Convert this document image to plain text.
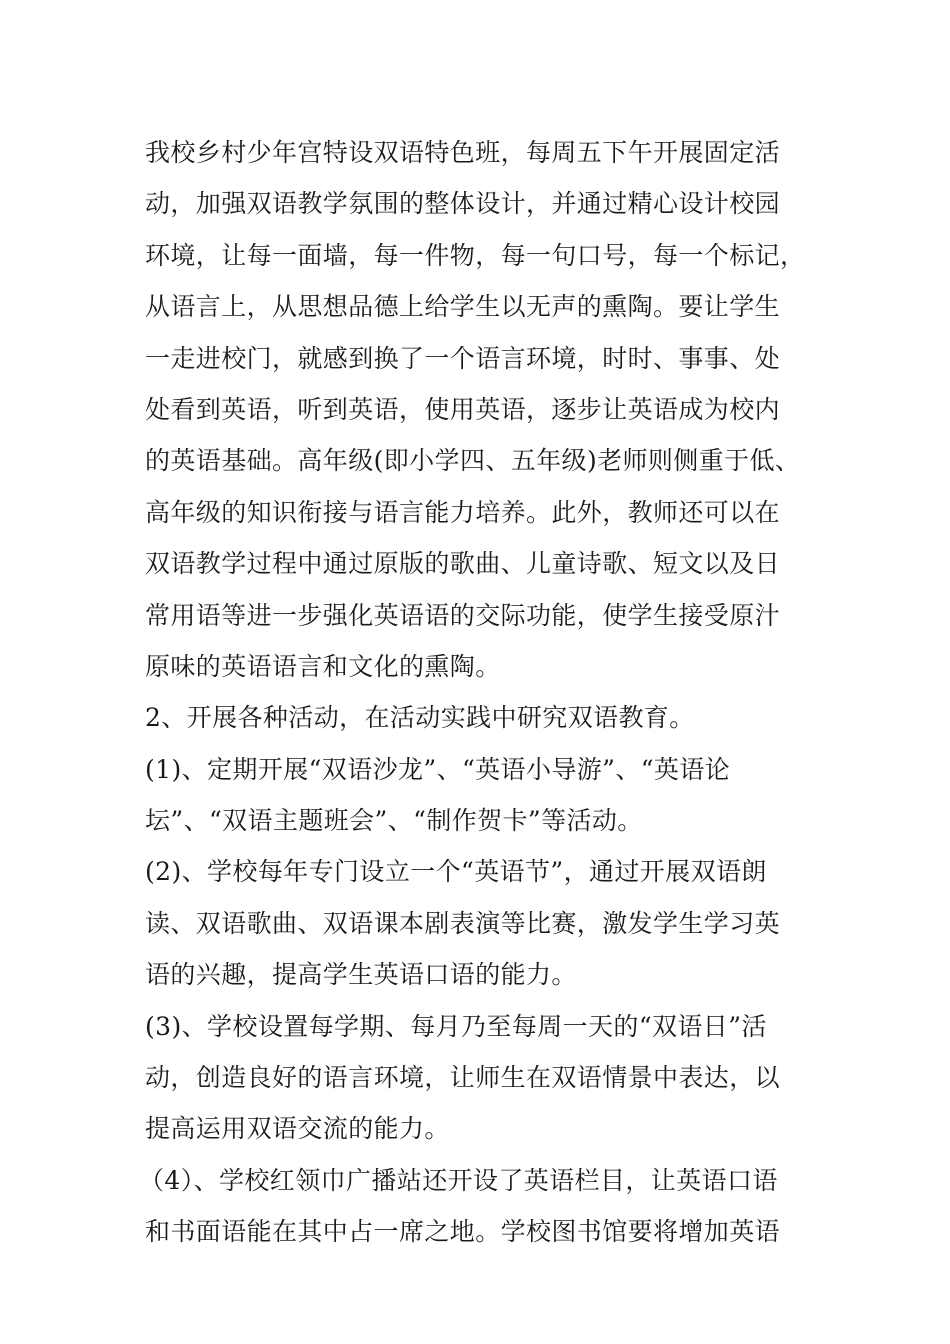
我校乡村少年宫特设双语特色班，每周五下午开展固定活
动，加强双语教学氛围的整体设计，并通过精心设计校园
环境，让每一面墙，每一件物，每一句口号，每一个标记，
从语言上，从思想品德上给学生以无声的熏陶。要让学生
一走进校门，就感到换了一个语言环境，时时、事事、处
处看到英语，听到英语，使用英语，逐步让英语成为校内
的英语基础。高年级(即小学四、五年级)老师则侧重于低、
高年级的知识衔接与语言能力培养。此外，教师还可以在
双语教学过程中通过原版的歌曲、儿童诗歌、短文以及日
常用语等进一步强化英语语的交际功能，使学生接受原汁
原味的英语语言和文化的熏陶。
2、开展各种活动，在活动实践中研究双语教育。
(1)、定期开展“双语沙龙”、“英语小导游”、“英语论
坛”、“双语主题班会”、“制作贺卡”等活动。
(2)、学校每年专门设立一个“英语节”，通过开展双语朗
读、双语歌曲、双语课本剧表演等比赛，激发学生学习英
语的兴趣，提高学生英语口语的能力。
(3)、学校设置每学期、每月乃至每周一天的“双语日”活
动，创造良好的语言环境，让师生在双语情景中表达，以
提高运用双语交流的能力。
（4）、学校红领巾广播站还开设了英语栏目，让英语口语
和书面语能在其中占一席之地。学校图书馆要将增加英语
